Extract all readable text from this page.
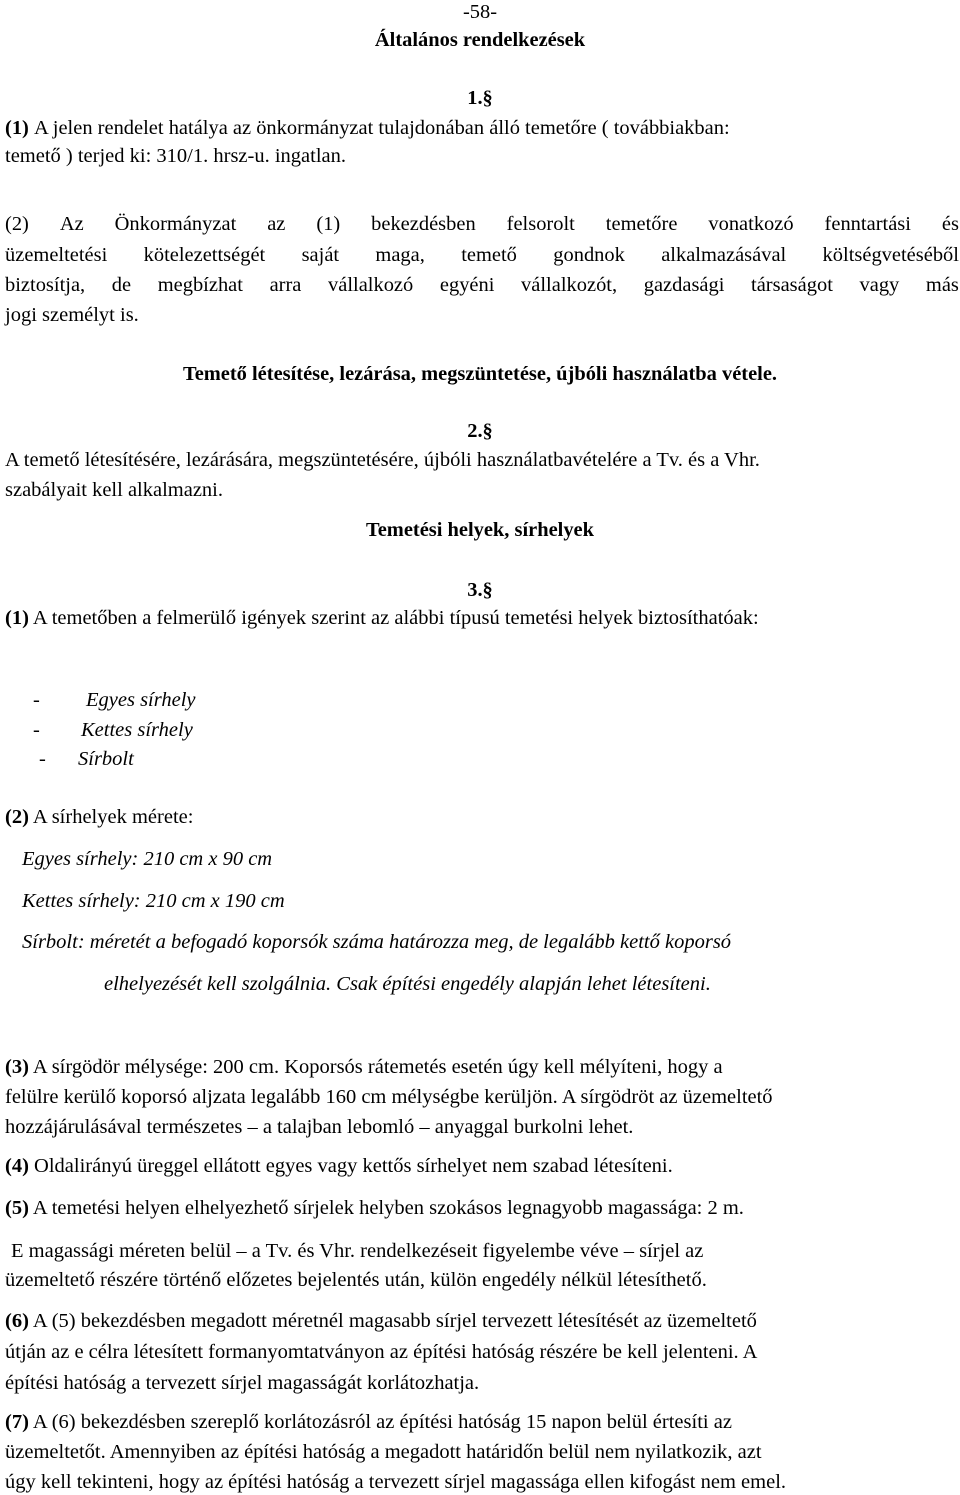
-58-
Általános rendelkezések
1.§
(1) A jelen rendelet hatálya az önkormányzat tulajdonában álló temetőre ( továbbiakban:
temető ) terjed ki: 310/1. hrsz-u. ingatlan.
(2) Az Önkormányzat az (1) bekezdésben felsorolt temetőre vonatkozó fenntartási és
üzemeltetési kötelezettségét saját maga, temető gondnok alkalmazásával költségvetéséből
biztosítja, de megbízhat arra vállalkozó egyéni vállalkozót, gazdasági társaságot vagy más
jogi személyt is.
Temető létesítése, lezárása, megszüntetése, újbóli használatba vétele.
2.§
A temető létesítésére, lezárására, megszüntetésére, újbóli használatbavételére a Tv. és a Vhr.
szabályait kell alkalmazni.
Temetési helyek, sírhelyek
3.§
(1) A temetőben a felmerülő igények szerint az alábbi típusú temetési helyek biztosíthatóak:
- Egyes sírhely
- Kettes sírhely
- Sírbolt
(2) A sírhelyek mérete:
Egyes sírhely: 210 cm x 90 cm
Kettes sírhely: 210 cm x 190 cm
Sírbolt: méretét a befogadó koporsók száma határozza meg, de legalább kettő koporsó
elhelyezését kell szolgálnia. Csak építési engedély alapján lehet létesíteni.
(3) A sírgödör mélysége: 200 cm. Koporsós rátemetés esetén úgy kell mélyíteni, hogy a
felülre kerülő koporsó aljzata legalább 160 cm mélységbe kerüljön. A sírgödröt az üzemeltető
hozzájárulásával természetes – a talajban lebomló – anyaggal burkolni lehet.
(4) Oldalirányú üreggel ellátott egyes vagy kettős sírhelyet nem szabad létesíteni.
(5) A temetési helyen elhelyezhető sírjelek helyben szokásos legnagyobb magassága: 2 m.
E magassági méreten belül – a Tv. és Vhr. rendelkezéseit figyelembe véve – sírjel az
üzemeltető részére történő előzetes bejelentés után, külön engedély nélkül létesíthető.
(6) A (5) bekezdésben megadott méretnél magasabb sírjel tervezett létesítését az üzemeltető
útján az e célra létesített formanyomtatványon az építési hatóság részére be kell jelenteni. A
építési hatóság a tervezett sírjel magasságát korlátozhatja.
(7) A (6) bekezdésben szereplő korlátozásról az építési hatóság 15 napon belül értesíti az
üzemeltetőt. Amennyiben az építési hatóság a megadott határidőn belül nem nyilatkozik, azt
úgy kell tekinteni, hogy az építési hatóság a tervezett sírjel magassága ellen kifogást nem emel.
